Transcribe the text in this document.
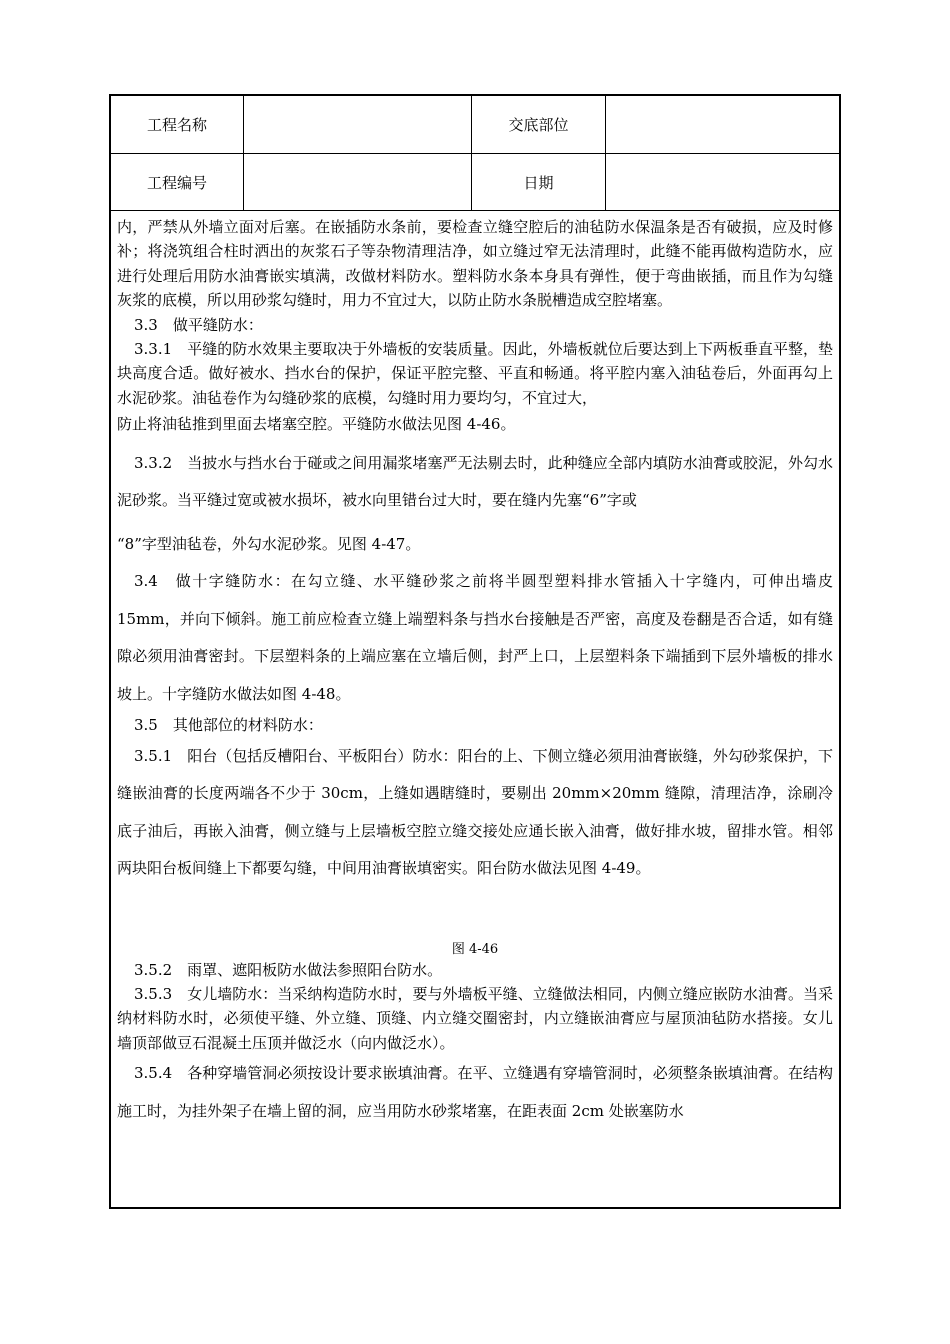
工程名称	交底部位
工程编号	日期

内，严禁从外墙立面对后塞。在嵌插防水条前，要检查立缝空腔后的油毡防水保温条是否有破损，应及时修补；将浇筑组合柱时洒出的灰浆石子等杂物清理洁净，如立缝过窄无法清理时，此缝不能再做构造防水，应进行处理后用防水油膏嵌实填满，改做材料防水。塑料防水条本身具有弹性，便于弯曲嵌插，而且作为勾缝灰浆的底模，所以用砂浆勾缝时，用力不宜过大，以防止防水条脱槽造成空腔堵塞。

3.3　做平缝防水：

3.3.1　平缝的防水效果主要取决于外墙板的安装质量。因此，外墙板就位后要达到上下两板垂直平整，垫块高度合适。做好被水、挡水台的保护，保证平腔完整、平直和畅通。将平腔内塞入油毡卷后，外面再勾上水泥砂浆。油毡卷作为勾缝砂浆的底模，勾缝时用力要均匀，不宜过大，

防止将油毡推到里面去堵塞空腔。平缝防水做法见图 4-46。

3.3.2　当披水与挡水台于碰或之间用漏浆堵塞严无法剔去时，此种缝应全部内填防水油膏或胶泥，外勾水泥砂浆。当平缝过宽或被水损坏，被水向里错台过大时，要在缝内先塞“6”字或

“8”字型油毡卷，外勾水泥砂浆。见图 4-47。

3.4　做十字缝防水：在勾立缝、水平缝砂浆之前将半圆型塑料排水管插入十字缝内，可伸出墙皮 15mm，并向下倾斜。施工前应检查立缝上端塑料条与挡水台接触是否严密，高度及卷翻是否合适，如有缝隙必须用油膏密封。下层塑料条的上端应塞在立墙后侧，封严上口，上层塑料条下端插到下层外墙板的排水坡上。十字缝防水做法如图 4-48。

3.5　其他部位的材料防水：

3.5.1　阳台（包括反槽阳台、平板阳台）防水：阳台的上、下侧立缝必须用油膏嵌缝，外勾砂浆保护，下缝嵌油膏的长度两端各不少于 30cm，上缝如遇瞎缝时，要剔出 20mm×20mm 缝隙，清理洁净，涂刷冷底子油后，再嵌入油膏，侧立缝与上层墙板空腔立缝交接处应通长嵌入油膏，做好排水坡，留排水管。相邻两块阳台板间缝上下都要勾缝，中间用油膏嵌填密实。阳台防水做法见图 4-49。

图 4-46

3.5.2　雨罩、遮阳板防水做法参照阳台防水。

3.5.3　女儿墙防水：当采纳构造防水时，要与外墙板平缝、立缝做法相同，内侧立缝应嵌防水油膏。当采纳材料防水时，必须使平缝、外立缝、顶缝、内立缝交圈密封，内立缝嵌油膏应与屋顶油毡防水搭接。女儿墙顶部做豆石混凝土压顶并做泛水（向内做泛水）。

3.5.4　各种穿墙管洞必须按设计要求嵌填油膏。在平、立缝遇有穿墙管洞时，必须整条嵌填油膏。在结构施工时，为挂外架子在墙上留的洞，应当用防水砂浆堵塞，在距表面 2cm 处嵌塞防水
